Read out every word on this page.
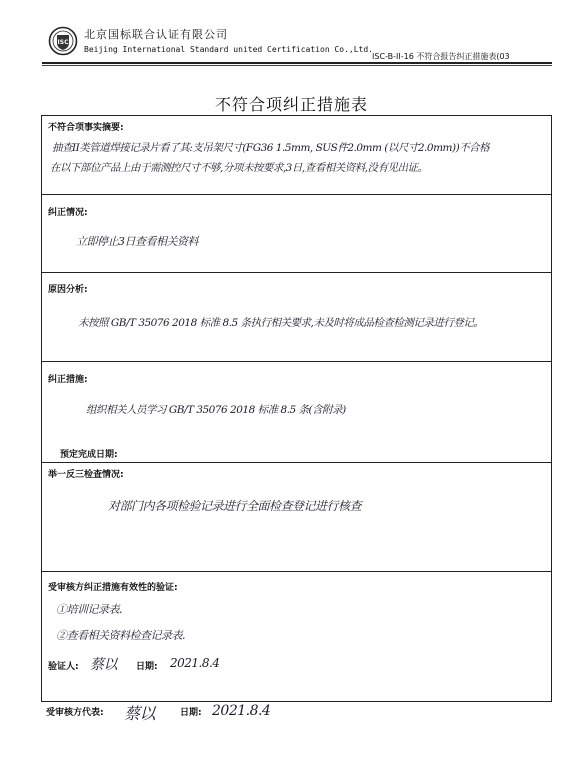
ISC
北京国标联合认证有限公司
Beijing International Standard united Certification Co.,Ltd.
ISC-B-II-16 不符合报告纠正措施表(03
不符合项纠正措施表
不符合项事实摘要:
抽查ⅠⅠ类管道焊接记录片看了其:支吊架尺寸(FG36 1.5mm, SUS件2.0mm (以尺寸2.0mm))不合格
在以下部位产品上由于需测控尺寸不够,分项未按要求,3日,查看相关资料,没有见出证。
纠正情况:
立即停止3日查看相关资料
原因分析:
未按照 GB/T 35076 2018 标准 8.5 条执行相关要求,未及时将成品检查检测记录进行登记。
纠正措施:
组织相关人员学习 GB/T 35076 2018 标准 8.5 条(含附录)
预定完成日期:
举一反三检查情况:
对部门内各项检验记录进行全面检查登记进行核查
受审核方纠正措施有效性的验证:
①培训记录表.
②查看相关资料检查记录表.
验证人: 蔡以 日期: 2021.8.4
受审核方代表: 蔡以	日期: 2021.8.4
